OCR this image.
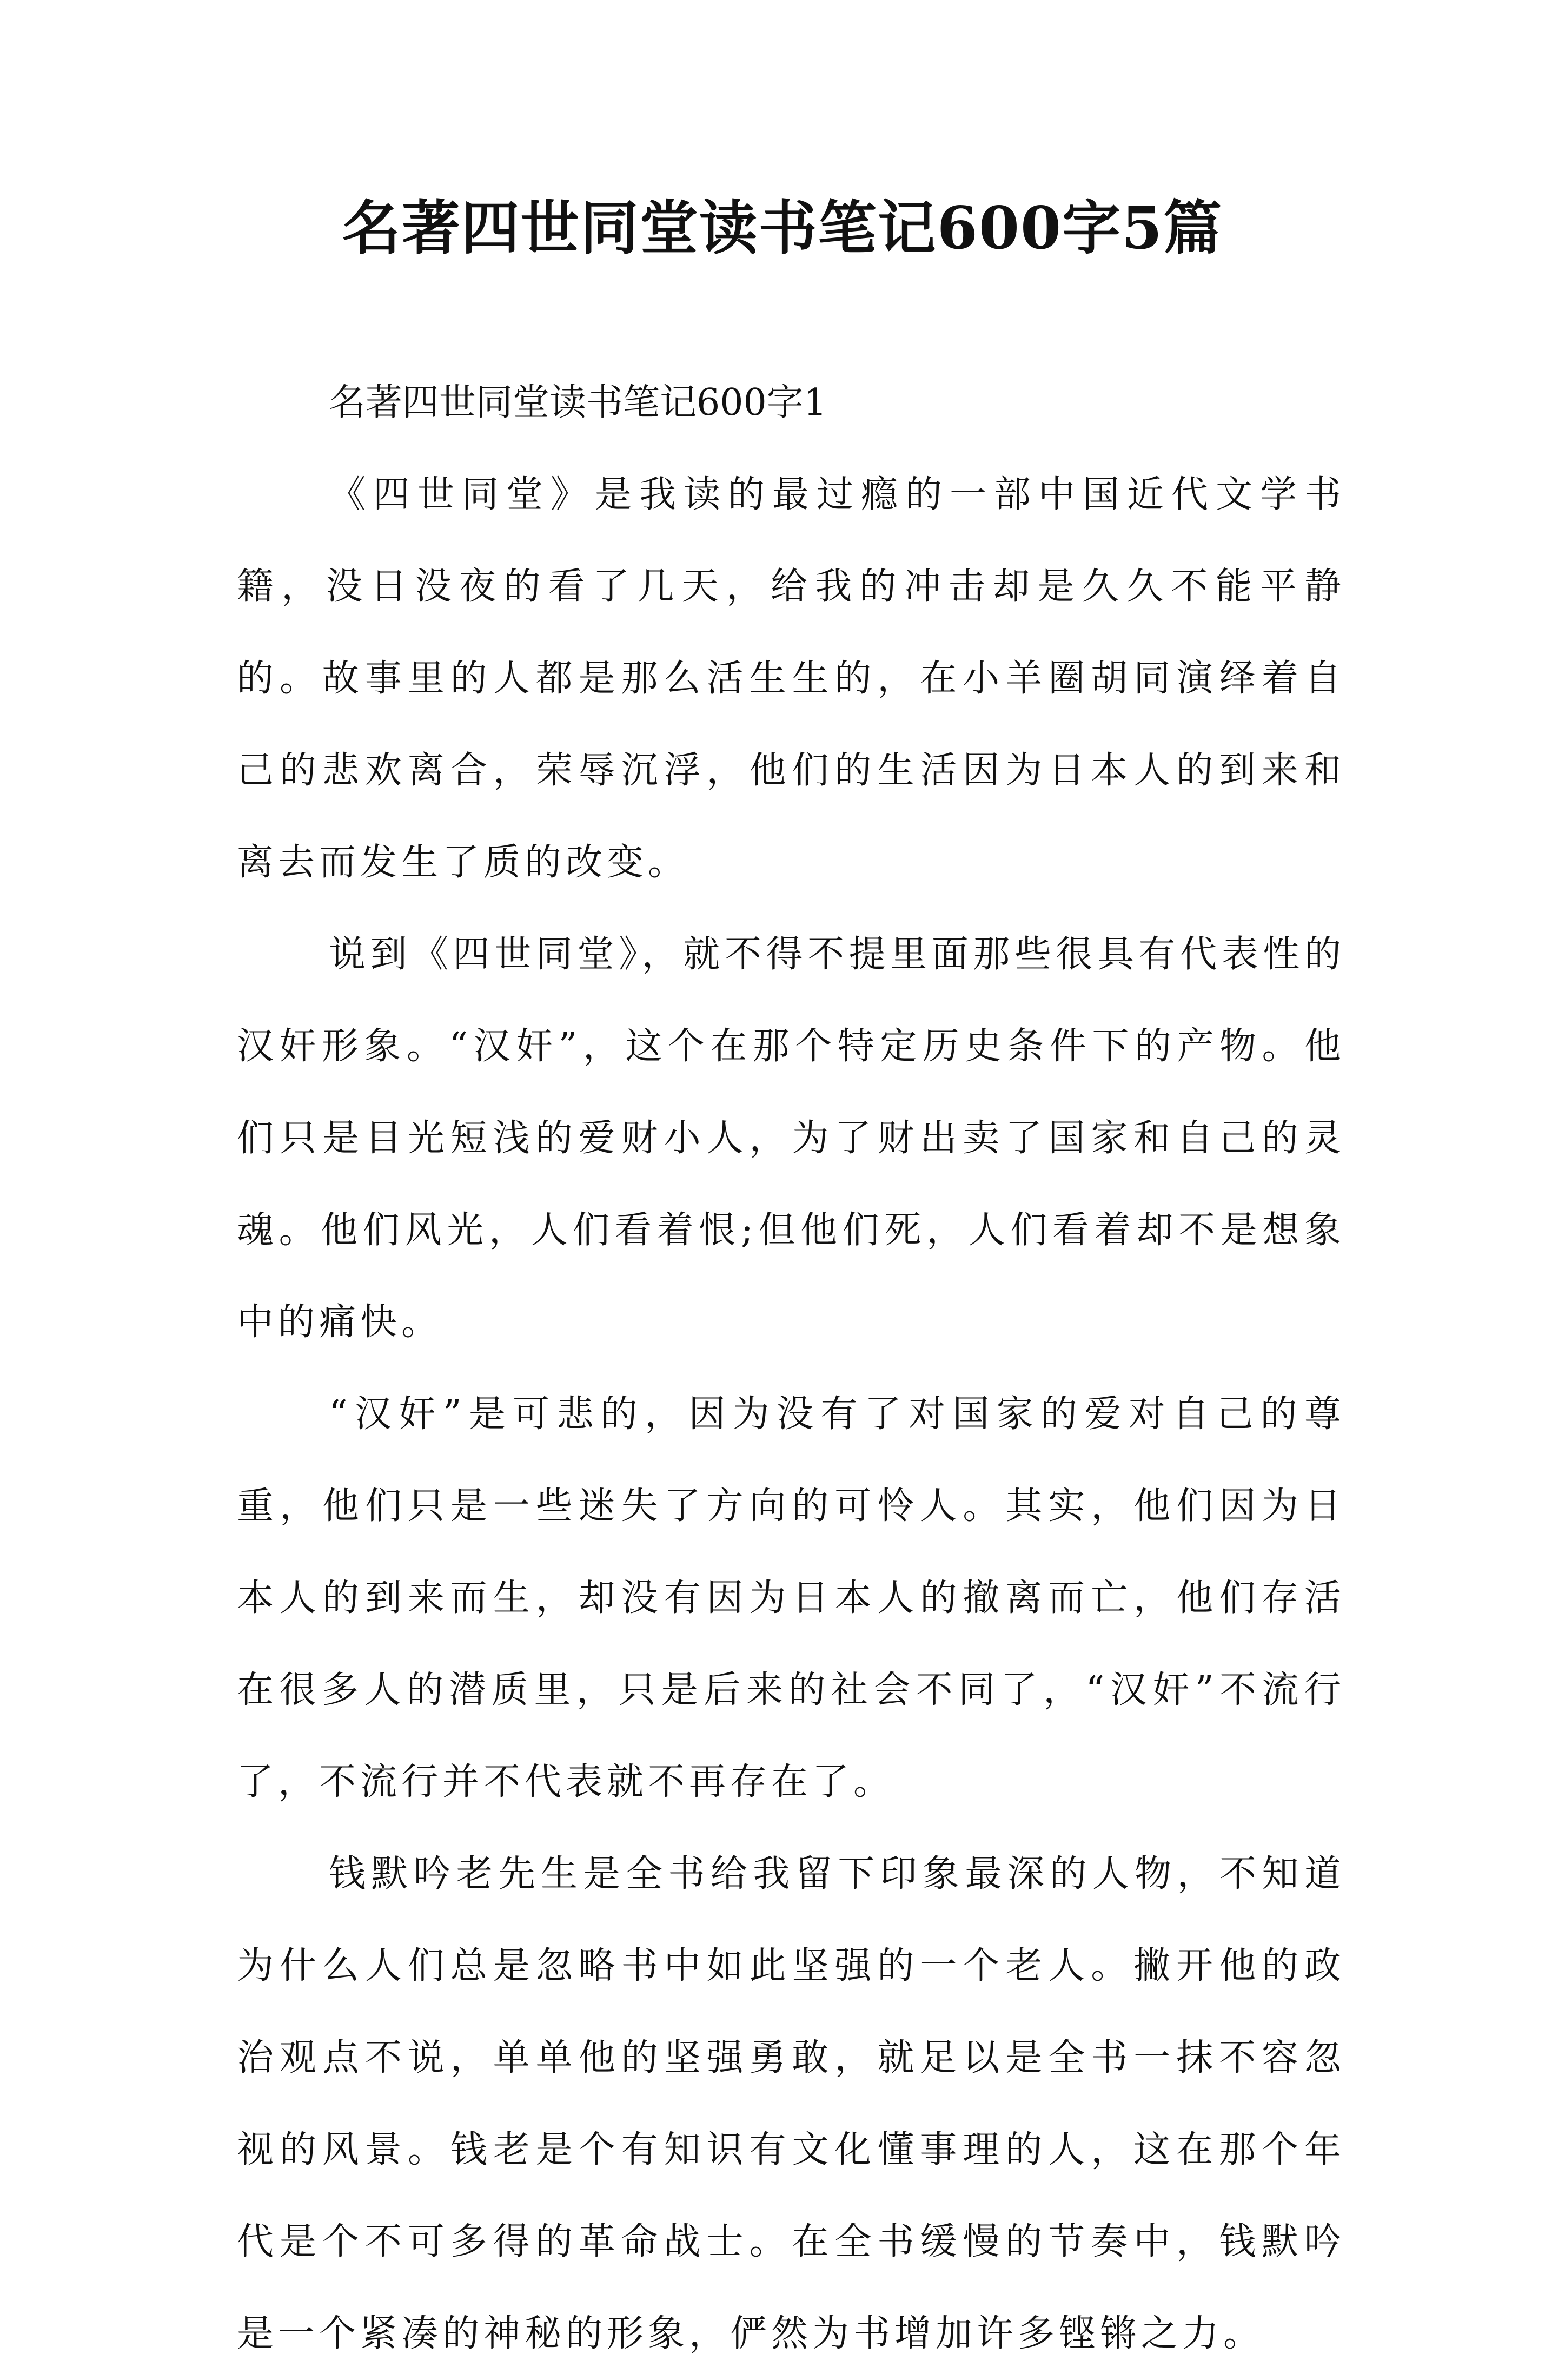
名著四世同堂读书笔记600字5篇

名著四世同堂读书笔记600字1

《四世同堂》是我读的最过瘾的一部中国近代文学书籍，没日没夜的看了几天，给我的冲击却是久久不能平静的。故事里的人都是那么活生生的，在小羊圈胡同演绎着自己的悲欢离合，荣辱沉浮，他们的生活因为日本人的到来和离去而发生了质的改变。

说到《四世同堂》，就不得不提里面那些很具有代表性的汉奸形象。“汉奸”，这个在那个特定历史条件下的产物。他们只是目光短浅的爱财小人，为了财出卖了国家和自己的灵魂。他们风光，人们看着恨;但他们死，人们看着却不是想象中的痛快。

“汉奸”是可悲的，因为没有了对国家的爱对自己的尊重，他们只是一些迷失了方向的可怜人。其实，他们因为日本人的到来而生，却没有因为日本人的撤离而亡，他们存活在很多人的潜质里，只是后来的社会不同了，“汉奸”不流行了，不流行并不代表就不再存在了。

钱默吟老先生是全书给我留下印象最深的人物，不知道为什么人们总是忽略书中如此坚强的一个老人。撇开他的政治观点不说，单单他的坚强勇敢，就足以是全书一抹不容忽视的风景。钱老是个有知识有文化懂事理的人，这在那个年代是个不可多得的革命战士。在全书缓慢的节奏中，钱默吟是一个紧凑的神秘的形象，俨然为书增加许多铿锵之力。
